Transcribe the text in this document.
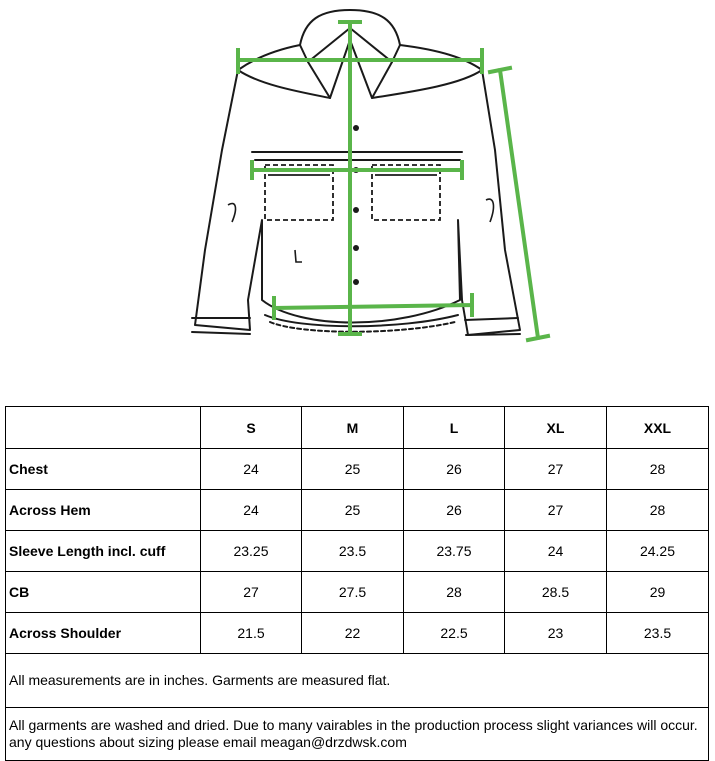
	S	M	L	XL	XXL
Chest	24	25	26	27	28
Across Hem	24	25	26	27	28
Sleeve Length incl. cuff	23.25	23.5	23.75	24	24.25
CB	27	27.5	28	28.5	29
Across Shoulder	21.5	22	22.5	23	23.5
All measurements are in inches. Garments are measured flat.					
All garments are washed and dried. Due to many vairables in the production process slight variances will occur. any questions about sizing please email meagan@drzdwsk.com					
